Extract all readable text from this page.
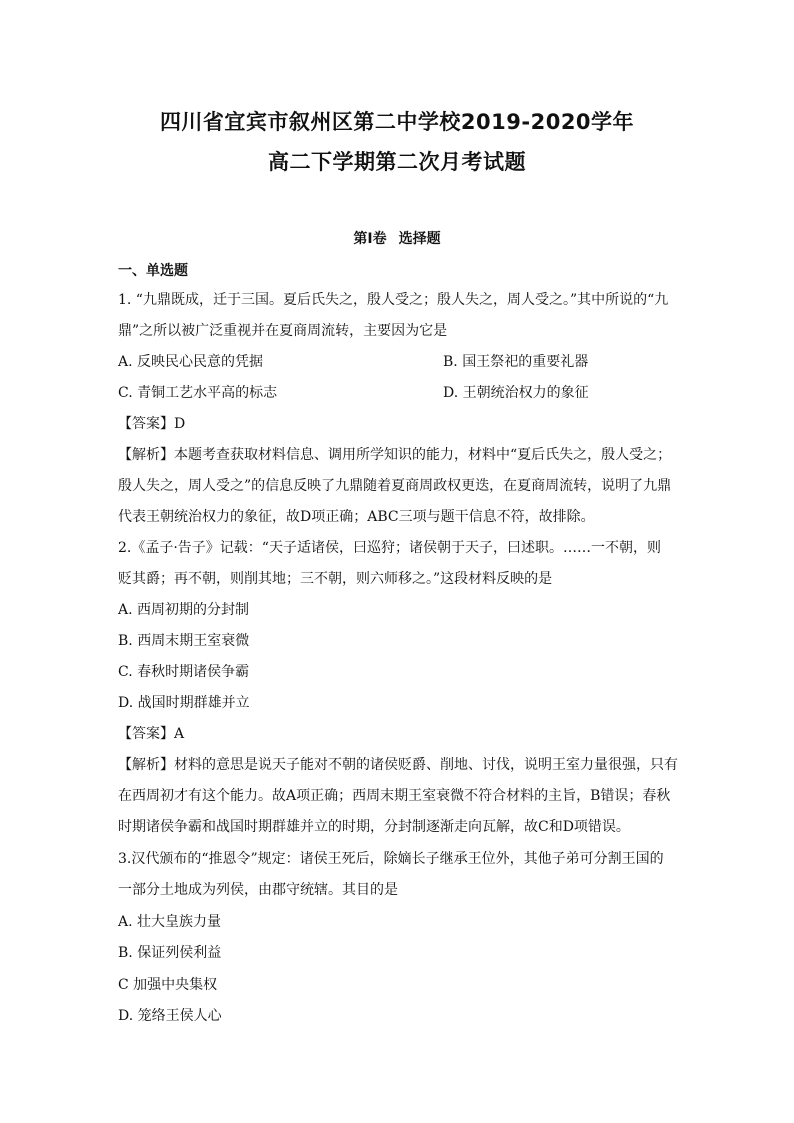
四川省宜宾市叙州区第二中学校2019-2020学年
高二下学期第二次月考试题
第I卷 选择题
一、单选题
1. “九鼎既成，迁于三国。夏后氏失之，殷人受之；殷人失之，周人受之。”其中所说的“九
鼎”之所以被广泛重视并在夏商周流转，主要因为它是
A. 反映民心民意的凭据	B. 国王祭祀的重要礼器
C. 青铜工艺水平高的标志	D. 王朝统治权力的象征
【答案】D
【解析】本题考查获取材料信息、调用所学知识的能力，材料中“夏后氏失之，殷人受之；
殷人失之，周人受之”的信息反映了九鼎随着夏商周政权更迭，在夏商周流转，说明了九鼎
代表王朝统治权力的象征，故D项正确；ABC三项与题干信息不符，故排除。
2.《孟子·告子》记载：“天子适诸侯，曰巡狩；诸侯朝于天子，曰述职。……一不朝，则
贬其爵；再不朝，则削其地；三不朝，则六师移之。”这段材料反映的是
A. 西周初期的分封制
B. 西周末期王室衰微
C. 春秋时期诸侯争霸
D. 战国时期群雄并立
【答案】A
【解析】材料的意思是说天子能对不朝的诸侯贬爵、削地、讨伐，说明王室力量很强，只有
在西周初才有这个能力。故A项正确；西周末期王室衰微不符合材料的主旨，B错误；春秋
时期诸侯争霸和战国时期群雄并立的时期，分封制逐渐走向瓦解，故C和D项错误。
3.汉代颁布的“推恩令”规定：诸侯王死后，除嫡长子继承王位外，其他子弟可分割王国的
一部分土地成为列侯，由郡守统辖。其目的是
A. 壮大皇族力量
B. 保证列侯利益
C 加强中央集权
D. 笼络王侯人心
